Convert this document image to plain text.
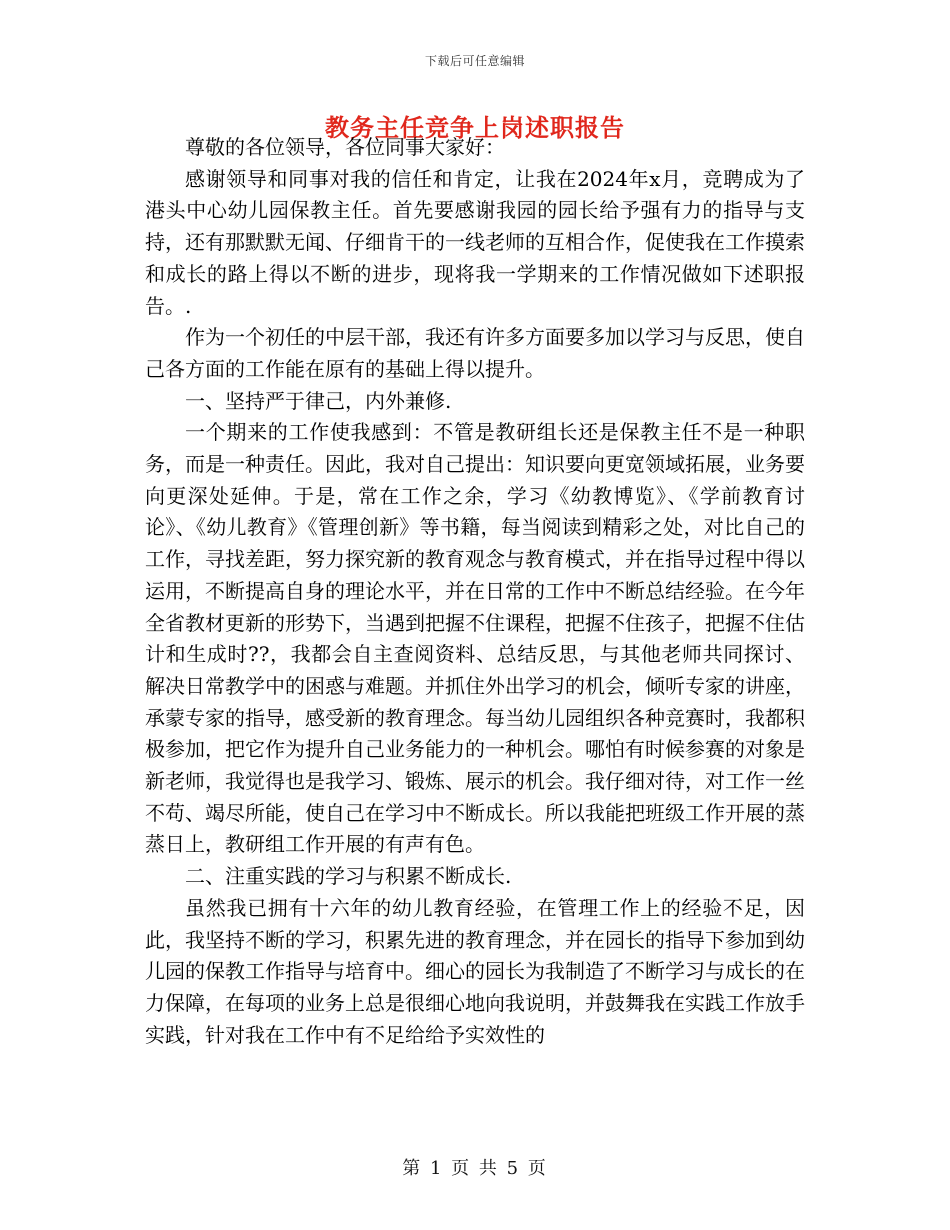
下载后可任意编辑
教务主任竞争上岗述职报告

尊敬的各位领导，各位同事大家好：

感谢领导和同事对我的信任和肯定，让我在2024年x月，竞聘成为了港头中心幼儿园保教主任。首先要感谢我园的园长给予强有力的指导与支持，还有那默默无闻、仔细肯干的一线老师的互相合作，促使我在工作摸索和成长的路上得以不断的进步，现将我一学期来的工作情况做如下述职报告。.

作为一个初任的中层干部，我还有许多方面要多加以学习与反思，使自己各方面的工作能在原有的基础上得以提升。

一、坚持严于律己，内外兼修.

一个期来的工作使我感到：不管是教研组长还是保教主任不是一种职务，而是一种责任。因此，我对自己提出：知识要向更宽领域拓展，业务要向更深处延伸。于是，常在工作之余，学习《幼教博览》、《学前教育讨论》、《幼儿教育》《管理创新》等书籍，每当阅读到精彩之处，对比自己的工作，寻找差距，努力探究新的教育观念与教育模式，并在指导过程中得以运用，不断提高自身的理论水平，并在日常的工作中不断总结经验。在今年全省教材更新的形势下，当遇到把握不住课程，把握不住孩子，把握不住估计和生成时??，我都会自主查阅资料、总结反思，与其他老师共同探讨、解决日常教学中的困惑与难题。并抓住外出学习的机会，倾听专家的讲座，承蒙专家的指导，感受新的教育理念。每当幼儿园组织各种竞赛时，我都积极参加，把它作为提升自己业务能力的一种机会。哪怕有时候参赛的对象是新老师，我觉得也是我学习、锻炼、展示的机会。我仔细对待，对工作一丝不苟、竭尽所能，使自己在学习中不断成长。所以我能把班级工作开展的蒸蒸日上，教研组工作开展的有声有色。

二、注重实践的学习与积累不断成长.

虽然我已拥有十六年的幼儿教育经验，在管理工作上的经验不足，因此，我坚持不断的学习，积累先进的教育理念，并在园长的指导下参加到幼儿园的保教工作指导与培育中。细心的园长为我制造了不断学习与成长的在力保障，在每项的业务上总是很细心地向我说明，并鼓舞我在实践工作放手实践，针对我在工作中有不足给给予实效性的

第 1 页 共 5 页
